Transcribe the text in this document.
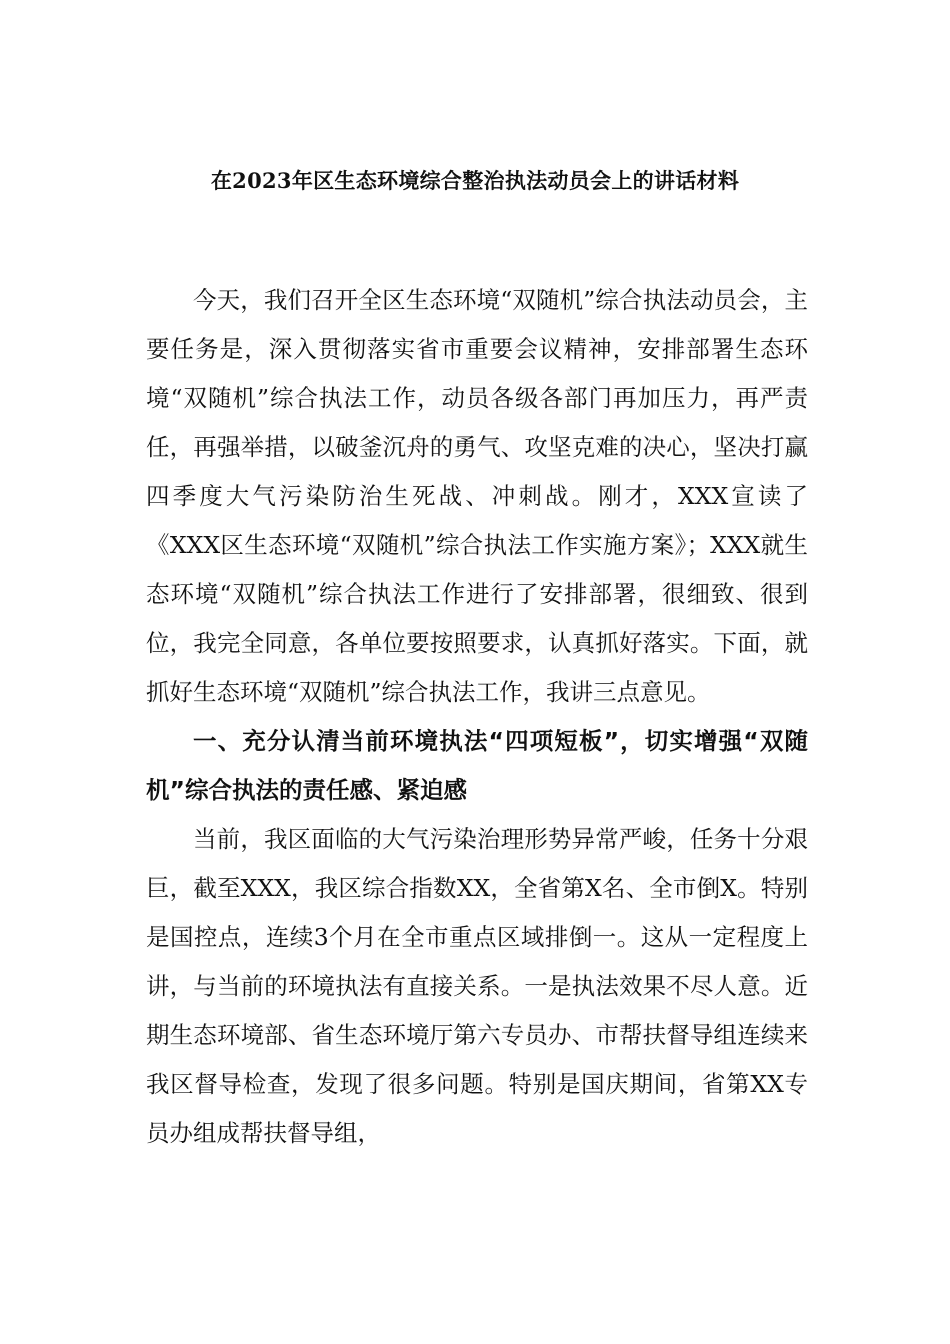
在2023年区生态环境综合整治执法动员会上的讲话材料

今天，我们召开全区生态环境“双随机”综合执法动员会，主要任务是，深入贯彻落实省市重要会议精神，安排部署生态环境“双随机”综合执法工作，动员各级各部门再加压力，再严责任，再强举措，以破釜沉舟的勇气、攻坚克难的决心，坚决打赢四季度大气污染防治生死战、冲刺战。刚才，XXX宣读了《XXX区生态环境“双随机”综合执法工作实施方案》；XXX就生态环境“双随机”综合执法工作进行了安排部署，很细致、很到位，我完全同意，各单位要按照要求，认真抓好落实。下面，就抓好生态环境“双随机”综合执法工作，我讲三点意见。

一、充分认清当前环境执法“四项短板”，切实增强“双随机”综合执法的责任感、紧迫感

当前，我区面临的大气污染治理形势异常严峻，任务十分艰巨，截至XXX，我区综合指数XX，全省第X名、全市倒X。特别是国控点，连续3个月在全市重点区域排倒一。这从一定程度上讲，与当前的环境执法有直接关系。一是执法效果不尽人意。近期生态环境部、省生态环境厅第六专员办、市帮扶督导组连续来我区督导检查，发现了很多问题。特别是国庆期间，省第XX专员办组成帮扶督导组，
